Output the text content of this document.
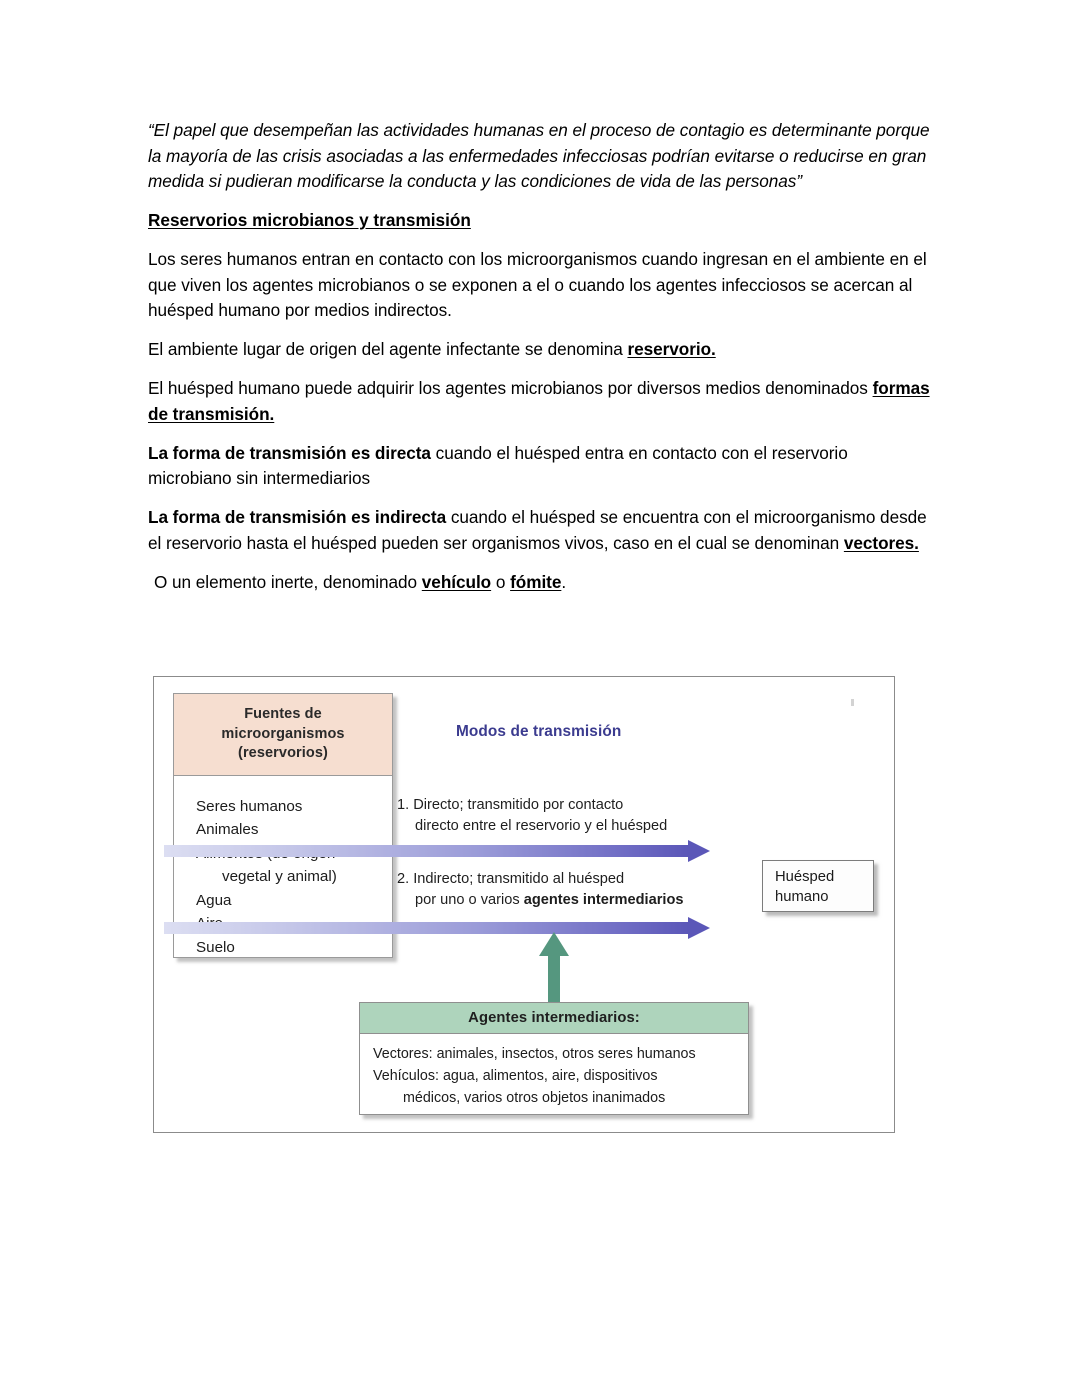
“El papel que desempeñan las actividades humanas en el proceso de contagio es determinante porque la mayoría de las crisis asociadas a las enfermedades infecciosas podrían evitarse o reducirse en gran medida si pudieran modificarse la conducta y las condiciones de vida de las personas”

Reservorios microbianos y transmisión

Los seres humanos entran en contacto con los microorganismos cuando ingresan en el ambiente en el que viven los agentes microbianos o se exponen a el o cuando los agentes infecciosos se acercan al huésped humano por medios indirectos.

El ambiente lugar de origen del agente infectante se denomina reservorio.

El huésped humano puede adquirir los agentes microbianos por diversos medios denominados formas de transmisión.

La forma de transmisión es directa cuando el huésped entra en contacto con el reservorio microbiano sin intermediarios

La forma de transmisión es indirecta cuando el huésped se encuentra con el microorganismo desde el reservorio hasta el huésped pueden ser organismos vivos, caso en el cual se denominan vectores.

O un elemento inerte, denominado vehículo o fómite.

Fuentes de
microorganismos
(reservorios)
Seres humanos
Animales
vegetal y animal)
Agua
Suelo
Modos de transmisión
1. Directo; transmitido por contacto
directo entre el reservorio y el huésped
2. Indirecto; transmitido al huésped
por uno o varios agentes intermediarios
Huésped
humano
Agentes intermediarios:
Vectores: animales, insectos, otros seres humanos
Vehículos: agua, alimentos, aire, dispositivos
médicos, varios otros objetos inanimados
